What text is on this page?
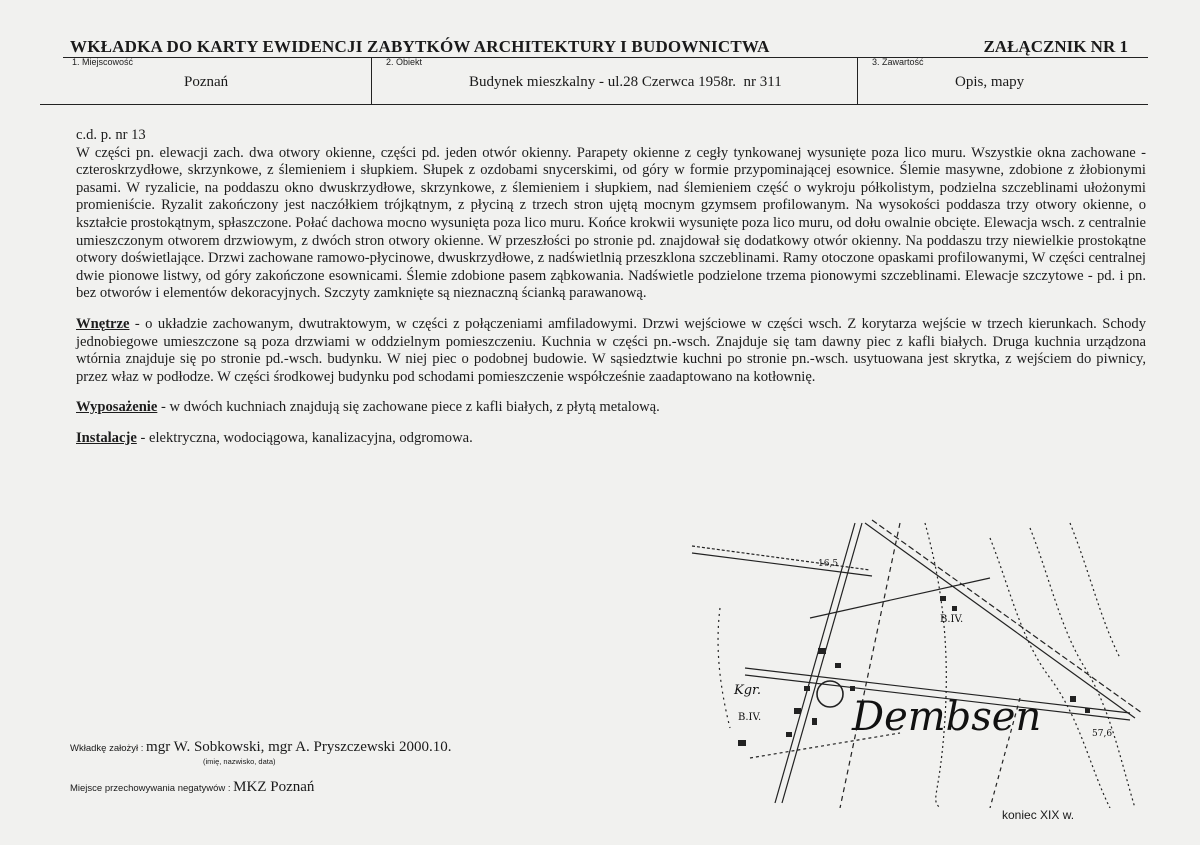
WKŁADKA DO KARTY EWIDENCJI ZABYTKÓW ARCHITEKTURY I BUDOWNICTWA	ZAŁĄCZNIK NR 1
1. Miejscowość
Poznań
2. Obiekt
Budynek mieszkalny - ul.28 Czerwca 1958r.  nr 311
3. Zawartość
Opis, mapy

c.d. p. nr 13

W części pn. elewacji zach. dwa otwory okienne, części pd. jeden otwór okienny. Parapety okienne z cegły tynkowanej wysunięte poza lico muru. Wszystkie okna zachowane - czteroskrzydłowe, skrzynkowe, z ślemieniem i słupkiem. Słupek z ozdobami snycerskimi, od góry w formie przypominającej esownice. Ślemie masywne, zdobione z żłobionymi pasami. W ryzalicie, na poddaszu okno dwuskrzydłowe, skrzynkowe, z ślemieniem i słupkiem, nad ślemieniem część o wykroju półkolistym, podzielna szczeblinami ułożonymi promieniście. Ryzalit zakończony jest naczółkiem trójkątnym, z płyciną z trzech stron ujętą mocnym gzymsem profilowanym. Na wysokości poddasza trzy otwory okienne, o kształcie prostokątnym, spłaszczone. Połać dachowa mocno wysunięta poza lico muru. Końce krokwii wysunięte poza lico muru, od dołu owalnie obcięte. Elewacja wsch. z centralnie umieszczonym otworem drzwiowym, z dwóch stron otwory okienne. W przeszłości po stronie pd. znajdował się dodatkowy otwór okienny. Na poddaszu trzy niewielkie prostokątne otwory doświetlające. Drzwi zachowane ramowo-płycinowe, dwuskrzydłowe, z nadświetlnią przeszklona szczeblinami. Ramy otoczone opaskami profilowanymi, W części centralnej dwie pionowe listwy, od góry zakończone esownicami. Ślemie zdobione pasem ząbkowania. Nadświetle podzielone trzema pionowymi szczeblinami. Elewacje szczytowe - pd. i pn. bez otworów i elementów dekoracyjnych. Szczyty zamknięte są nieznaczną ścianką parawanową.

Wnętrze - o układzie zachowanym, dwutraktowym, w części z połączeniami amfiladowymi. Drzwi wejściowe w części wsch. Z korytarza wejście w trzech kierunkach. Schody jednobiegowe umieszczone są poza drzwiami w oddzielnym pomieszczeniu. Kuchnia w części pn.-wsch. Znajduje się tam dawny piec z kafli białych. Druga kuchnia urządzona wtórnia znajduje się po stronie pd.-wsch. budynku. W niej piec o podobnej budowie. W sąsiedztwie kuchni po stronie pn.-wsch. usytuowana jest skrytka, z wejściem do piwnicy, przez właz w podłodze. W części środkowej budynku pod schodami pomieszczenie współcześnie zaadaptowano na kotłownię.

Wyposażenie - w dwóch kuchniach znajdują się zachowane piece z kafli białych, z płytą metalową.

Instalacje - elektryczna, wodociągowa, kanalizacyjna, odgromowa.

Wkładkę założył : mgr W. Sobkowski, mgr A. Pryszczewski 2000.10.
(imię, nazwisko, data)
Miejsce przechowywania negatywów : MKZ Poznań
Dembsen
Kgr.
B.IV.
B.IV.
16,5
57,6
koniec XIX w.
